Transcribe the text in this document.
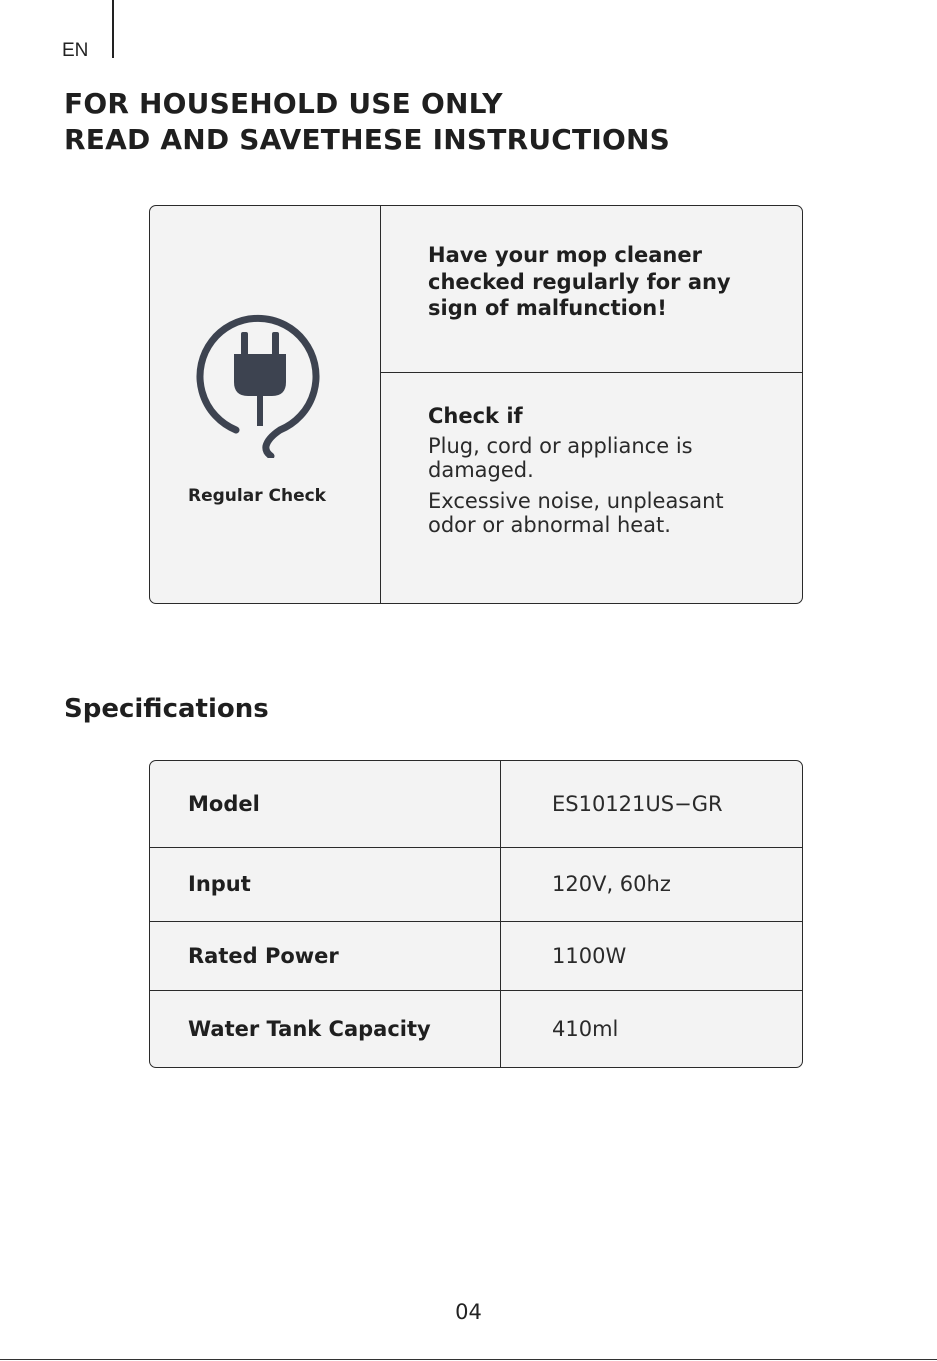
EN
FOR HOUSEHOLD USE ONLY
READ AND SAVETHESE INSTRUCTIONS
Regular Check
Have your mop cleaner
checked regularly for any
sign of malfunction!
Check if
Plug, cord or appliance is
damaged.
Excessive noise, unpleasant
odor or abnormal heat.
Specifications
Model	ES10121US−GR
Input	120V, 60hz
Rated Power	1100W
Water Tank Capacity	410ml
04
